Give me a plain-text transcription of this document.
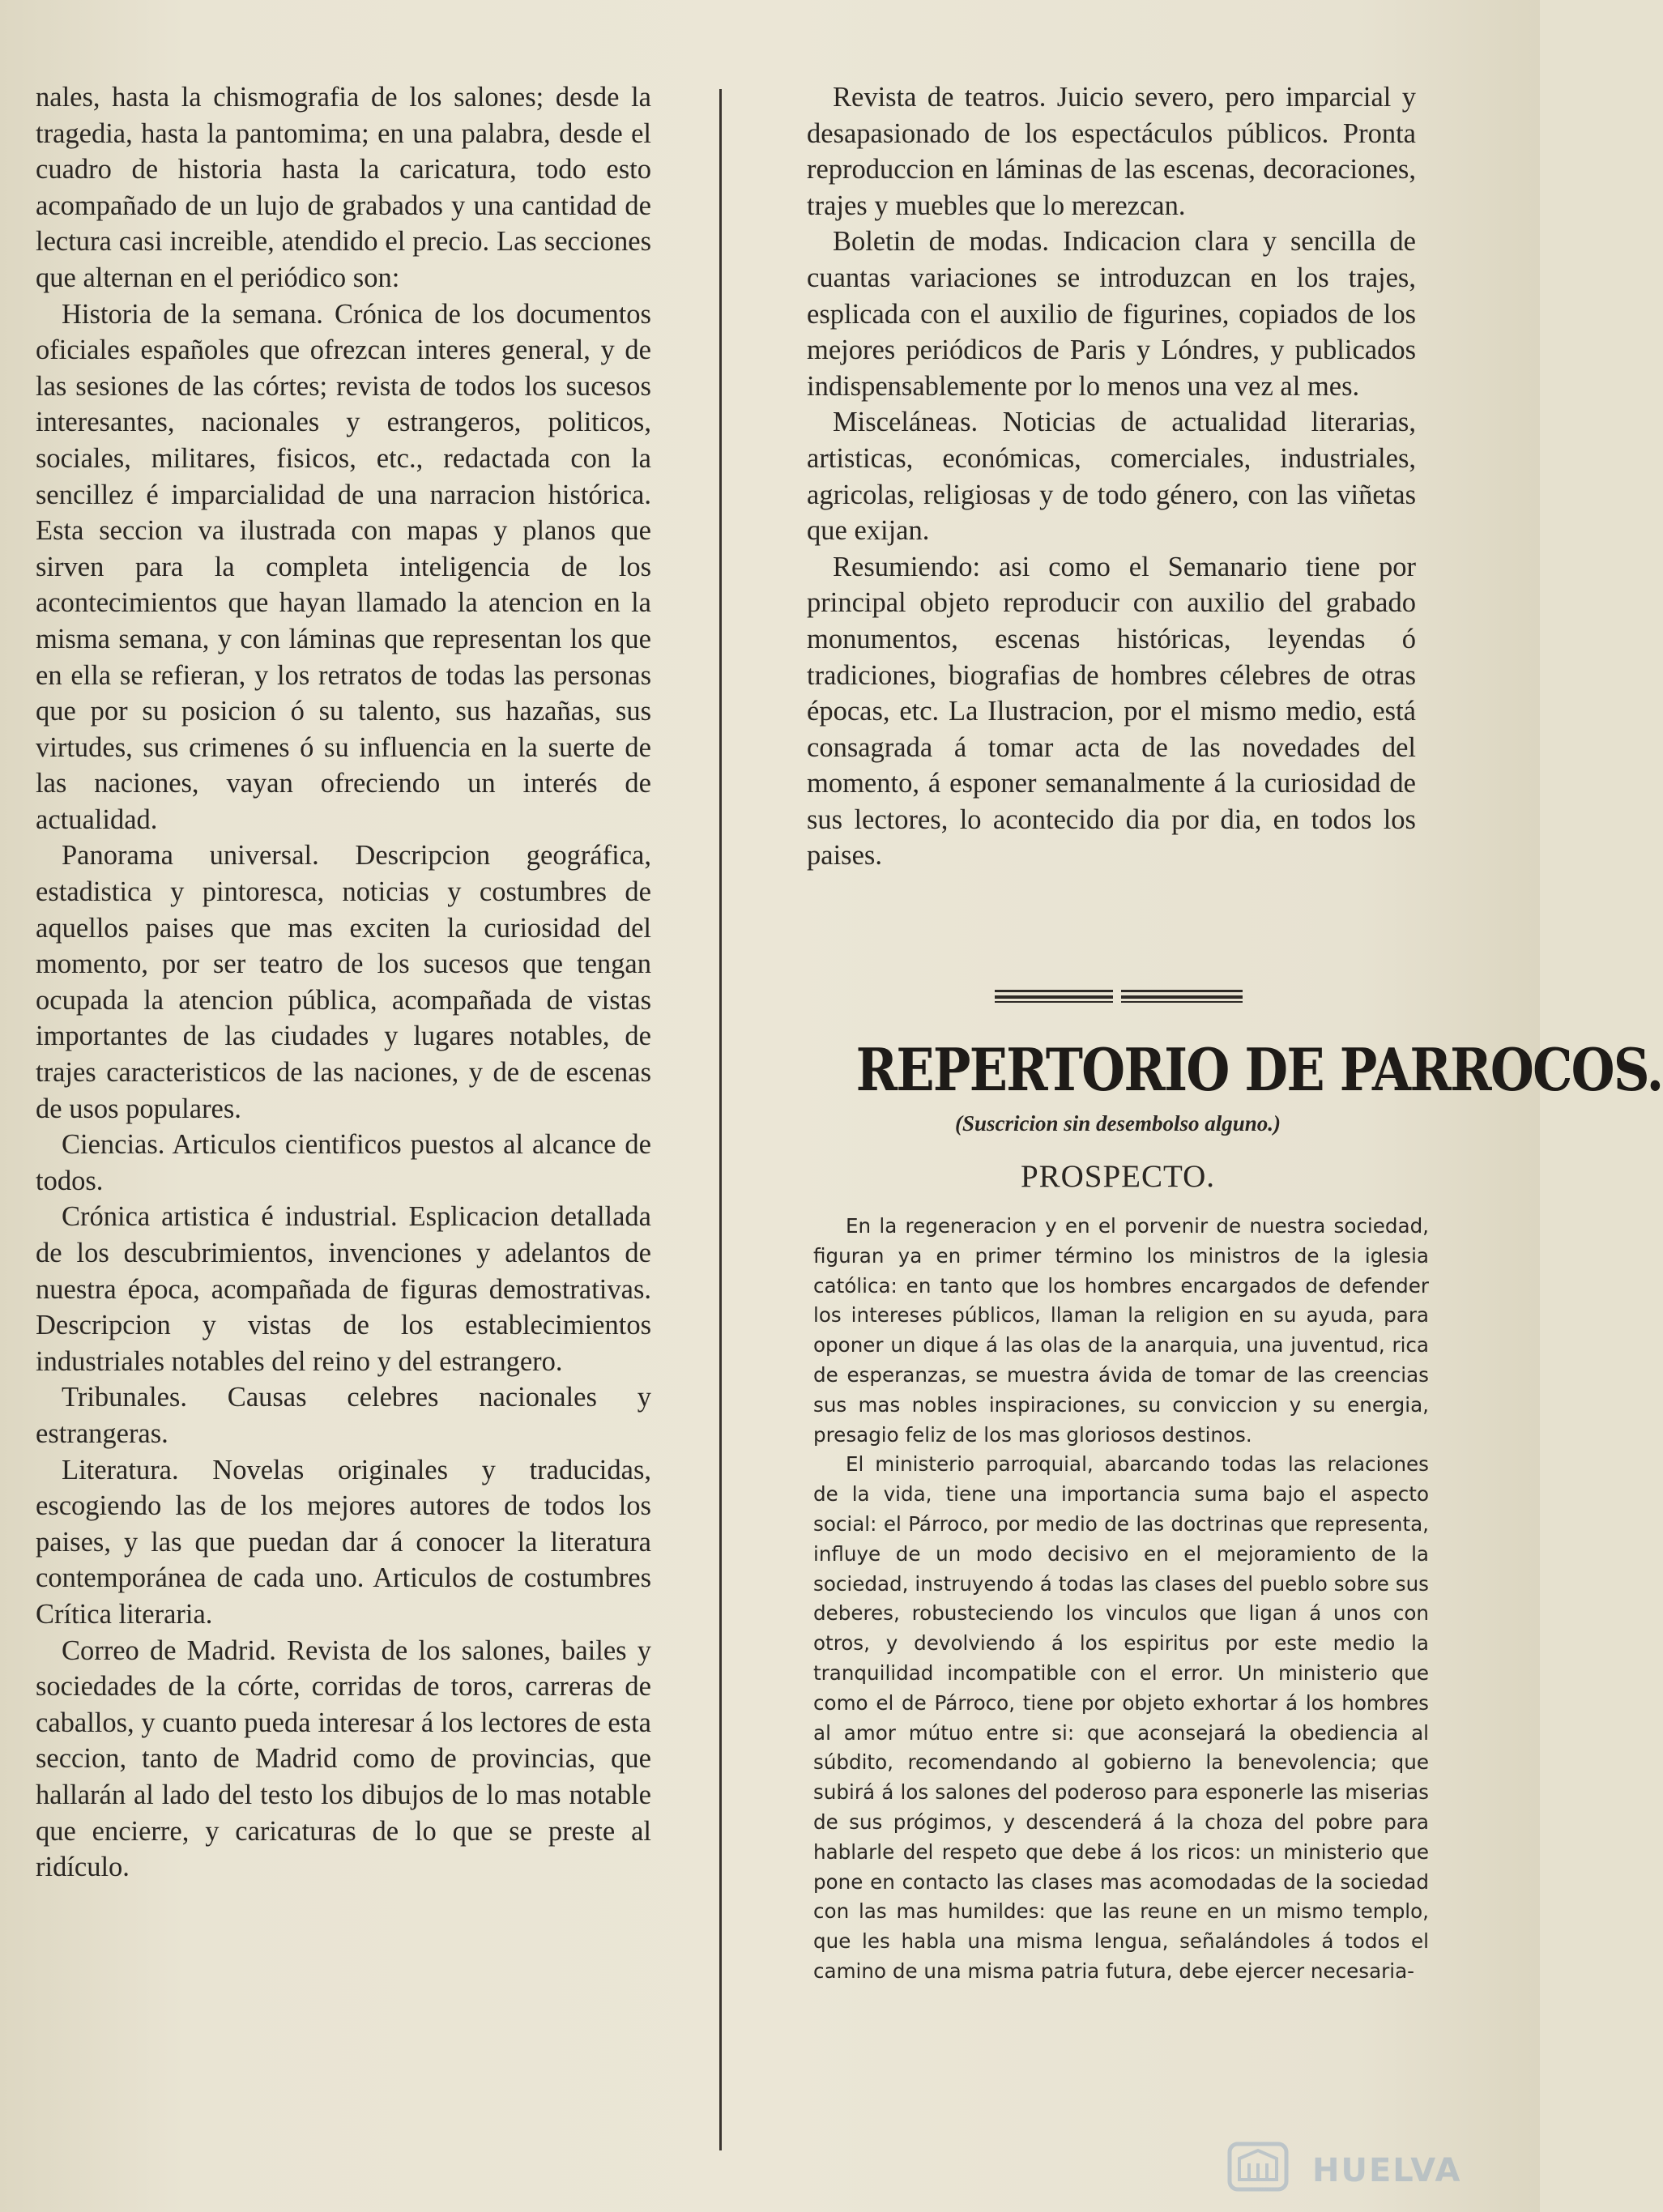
nales, hasta la chismografia de los salones; desde la tragedia, hasta la pantomima; en una palabra, desde el cuadro de historia hasta la caricatura, todo esto acompañado de un lujo de grabados y una cantidad de lectura casi increible, atendido el precio. Las secciones que alternan en el periódico son:

Historia de la semana. Crónica de los documentos oficiales españoles que ofrezcan interes general, y de las sesiones de las córtes; revista de todos los sucesos interesantes, nacionales y estrangeros, politicos, sociales, militares, fisicos, etc., redactada con la sencillez é imparcialidad de una narracion histórica. Esta seccion va ilustrada con mapas y planos que sirven para la completa inteligencia de los acontecimientos que hayan llamado la atencion en la misma semana, y con láminas que representan los que en ella se refieran, y los retratos de todas las personas que por su posicion ó su talento, sus hazañas, sus virtudes, sus crimenes ó su influencia en la suerte de las naciones, vayan ofreciendo un interés de actualidad.

Panorama universal. Descripcion geográfica, estadistica y pintoresca, noticias y costumbres de aquellos paises que mas exciten la curiosidad del momento, por ser teatro de los sucesos que tengan ocupada la atencion pública, acompañada de vistas importantes de las ciudades y lugares notables, de trajes caracteristicos de las naciones, y de de escenas de usos populares.

Ciencias. Articulos cientificos puestos al alcance de todos.

Crónica artistica é industrial. Esplicacion detallada de los descubrimientos, invenciones y adelantos de nuestra época, acompañada de figuras demostrativas. Descripcion y vistas de los establecimientos industriales notables del reino y del estrangero.

Tribunales. Causas celebres nacionales y estrangeras.

Literatura. Novelas originales y traducidas, escogiendo las de los mejores autores de todos los paises, y las que puedan dar á conocer la literatura contemporánea de cada uno. Articulos de costumbres Crítica literaria.

Correo de Madrid. Revista de los salones, bailes y sociedades de la córte, corridas de toros, carreras de caballos, y cuanto pueda interesar á los lectores de esta seccion, tanto de Madrid como de provincias, que hallarán al lado del testo los dibujos de lo mas notable que encierre, y caricaturas de lo que se preste al ridículo.

Revista de teatros. Juicio severo, pero imparcial y desapasionado de los espectáculos públicos. Pronta reproduccion en láminas de las escenas, decoraciones, trajes y muebles que lo merezcan.

Boletin de modas. Indicacion clara y sencilla de cuantas variaciones se introduzcan en los trajes, esplicada con el auxilio de figurines, copiados de los mejores periódicos de Paris y Lóndres, y publicados indispensablemente por lo menos una vez al mes.

Misceláneas. Noticias de actualidad literarias, artisticas, económicas, comerciales, industriales, agricolas, religiosas y de todo género, con las viñetas que exijan.

Resumiendo: asi como el Semanario tiene por principal objeto reproducir con auxilio del grabado monumentos, escenas históricas, leyendas ó tradiciones, biografias de hombres célebres de otras épocas, etc. La Ilustracion, por el mismo medio, está consagrada á tomar acta de las novedades del momento, á esponer semanalmente á la curiosidad de sus lectores, lo acontecido dia por dia, en todos los paises.

REPERTORIO DE PARROCOS.
(Suscricion sin desembolso alguno.)
PROSPECTO.

En la regeneracion y en el porvenir de nuestra sociedad, figuran ya en primer término los ministros de la iglesia católica: en tanto que los hombres encargados de defender los intereses públicos, llaman la religion en su ayuda, para oponer un dique á las olas de la anarquia, una juventud, rica de esperanzas, se muestra ávida de tomar de las creencias sus mas nobles inspiraciones, su conviccion y su energia, presagio feliz de los mas gloriosos destinos.

El ministerio parroquial, abarcando todas las relaciones de la vida, tiene una importancia suma bajo el aspecto social: el Párroco, por medio de las doctrinas que representa, influye de un modo decisivo en el mejoramiento de la sociedad, instruyendo á todas las clases del pueblo sobre sus deberes, robusteciendo los vinculos que ligan á unos con otros, y devolviendo á los espiritus por este medio la tranquilidad incompatible con el error. Un ministerio que como el de Párroco, tiene por objeto exhortar á los hombres al amor mútuo entre si: que aconsejará la obediencia al súbdito, recomendando al gobierno la benevolencia; que subirá á los salones del poderoso para esponerle las miserias de sus prógimos, y descenderá á la choza del pobre para hablarle del respeto que debe á los ricos: un ministerio que pone en contacto las clases mas acomodadas de la sociedad con las mas humildes: que las reune en un mismo templo, que les habla una misma lengua, señalándoles á todos el camino de una misma patria futura, debe ejercer necesaria-

HUELVA
